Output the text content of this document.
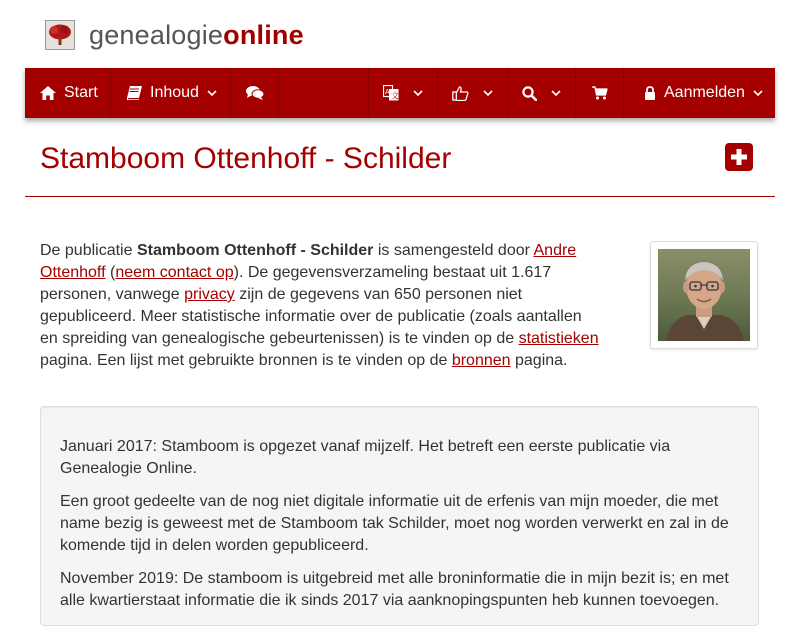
genealogieonline
Start	Inhoud	A 文	Aanmelden
Stamboom Ottenhoff - Schilder
De publicatie Stamboom Ottenhoff - Schilder is samengesteld door Andre Ottenhoff (neem contact op). De gegevensverzameling bestaat uit 1.617 personen, vanwege privacy zijn de gegevens van 650 personen niet gepubliceerd. Meer statistische informatie over de publicatie (zoals aantallen en spreiding van genealogische gebeurtenissen) is te vinden op de statistieken pagina. Een lijst met gebruikte bronnen is te vinden op de bronnen pagina.

Januari 2017: Stamboom is opgezet vanaf mijzelf. Het betreft een eerste publicatie via Genealogie Online.

Een groot gedeelte van de nog niet digitale informatie uit de erfenis van mijn moeder, die met name bezig is geweest met de Stamboom tak Schilder, moet nog worden verwerkt en zal in de komende tijd in delen worden gepubliceerd.

November 2019: De stamboom is uitgebreid met alle broninformatie die in mijn bezit is; en met alle kwartierstaat informatie die ik sinds 2017 via aanknopingspunten heb kunnen toevoegen.
